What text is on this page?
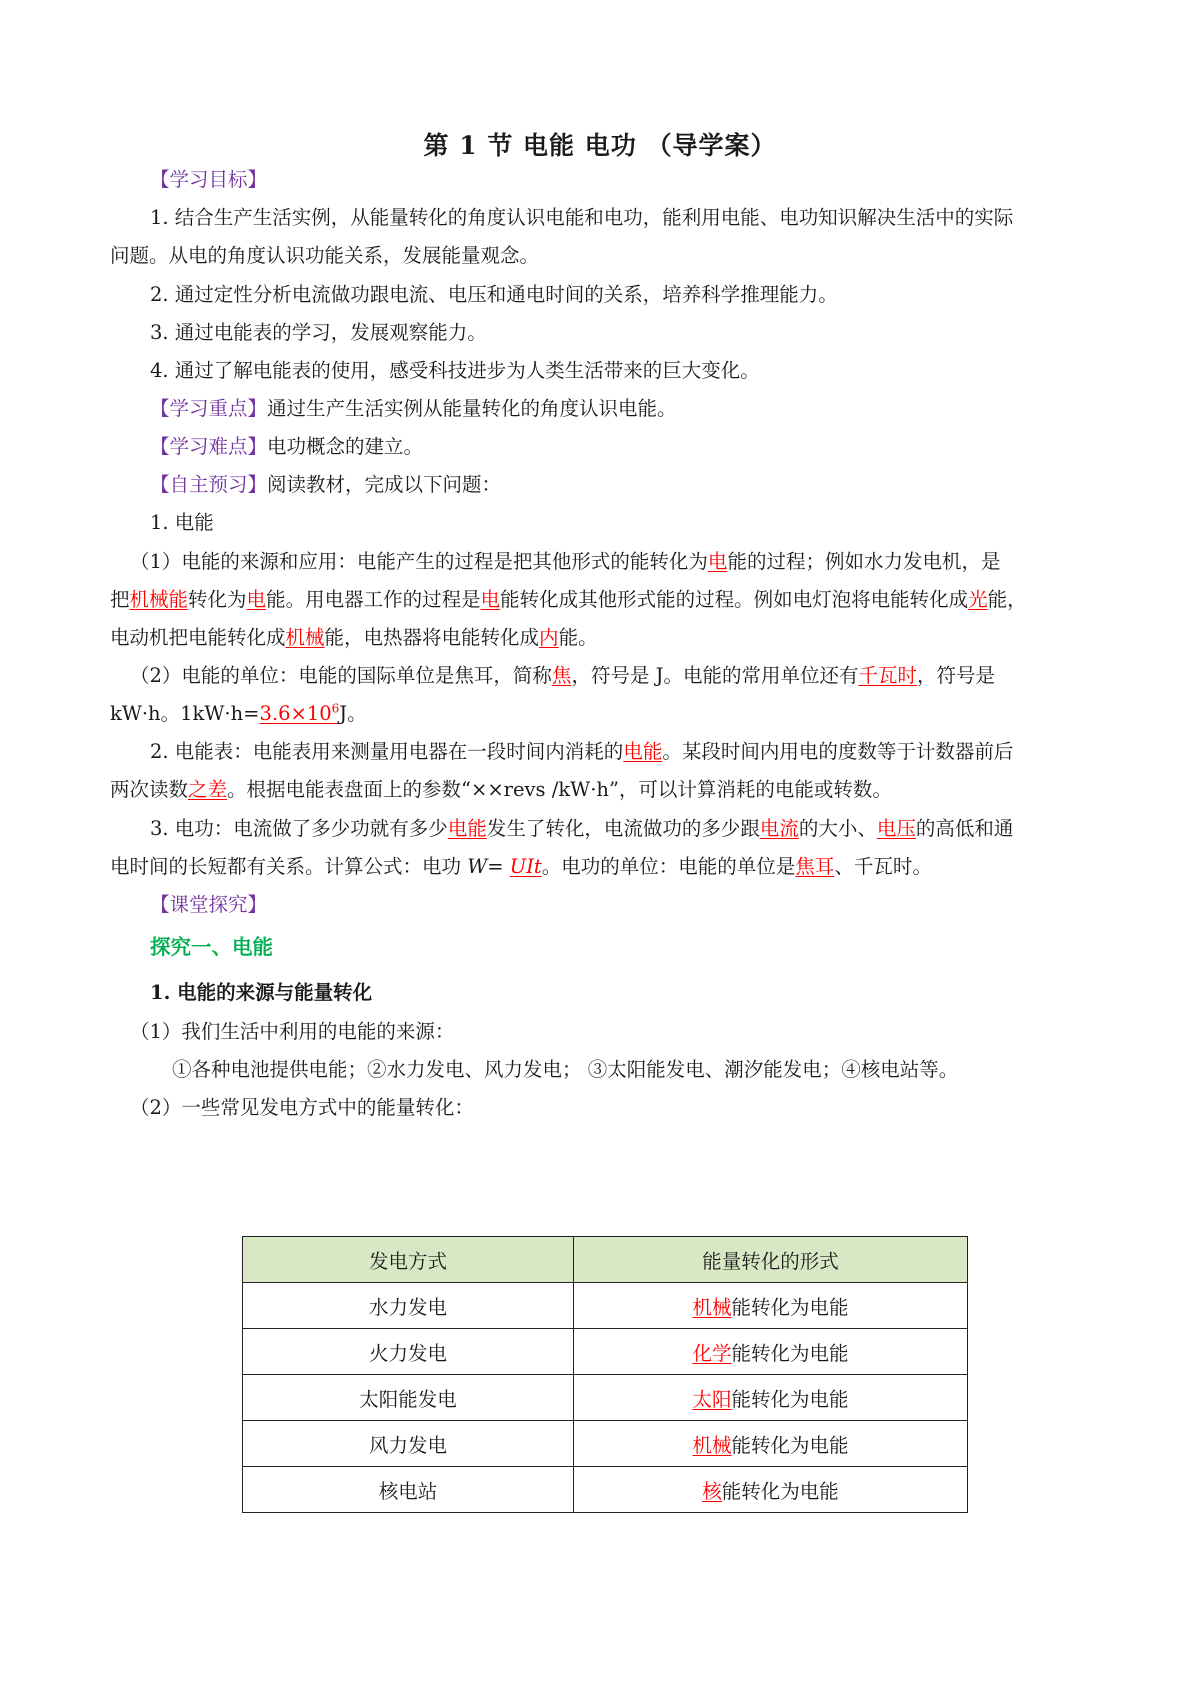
第 1 节 电能 电功 （导学案）
【学习目标】
1. 结合生产生活实例，从能量转化的角度认识电能和电功，能利用电能、电功知识解决生活中的实际
问题。从电的角度认识功能关系，发展能量观念。
2. 通过定性分析电流做功跟电流、电压和通电时间的关系，培养科学推理能力。
3. 通过电能表的学习，发展观察能力。
4. 通过了解电能表的使用，感受科技进步为人类生活带来的巨大变化。
【学习重点】通过生产生活实例从能量转化的角度认识电能。
【学习难点】电功概念的建立。
【自主预习】阅读教材，完成以下问题：
1. 电能
（1）电能的来源和应用：电能产生的过程是把其他形式的能转化为电能的过程；例如水力发电机，是
把机械能转化为电能。用电器工作的过程是电能转化成其他形式能的过程。例如电灯泡将电能转化成光能，
电动机把电能转化成机械能，电热器将电能转化成内能。
（2）电能的单位：电能的国际单位是焦耳，简称焦，符号是 J。电能的常用单位还有千瓦时，符号是
kW·h。$1kW\cdot h=3.6\times 10^6J$。
2. 电能表：电能表用来测量用电器在一段时间内消耗的电能。某段时间内用电的度数等于计数器前后
两次读数之差。根据电能表盘面上的参数“××revs /kW·h”，可以计算消耗的电能或转数。
3. 电功：电流做了多少功就有多少电能发生了转化，电流做功的多少跟电流的大小、电压的高低和通
电时间的长短都有关系。计算公式：电功 W= UIt。电功的单位：电能的单位是焦耳、千瓦时。
【课堂探究】
探究一、电能
1. 电能的来源与能量转化
（1）我们生活中利用的电能的来源：
①各种电池提供电能；②水力发电、风力发电； ③太阳能发电、潮汐能发电；④核电站等。
（2）一些常见发电方式中的能量转化：
发电方式	能量转化的形式
水力发电	机械能转化为电能
火力发电	化学能转化为电能
太阳能发电	太阳能转化为电能
风力发电	机械能转化为电能
核电站	核能转化为电能
